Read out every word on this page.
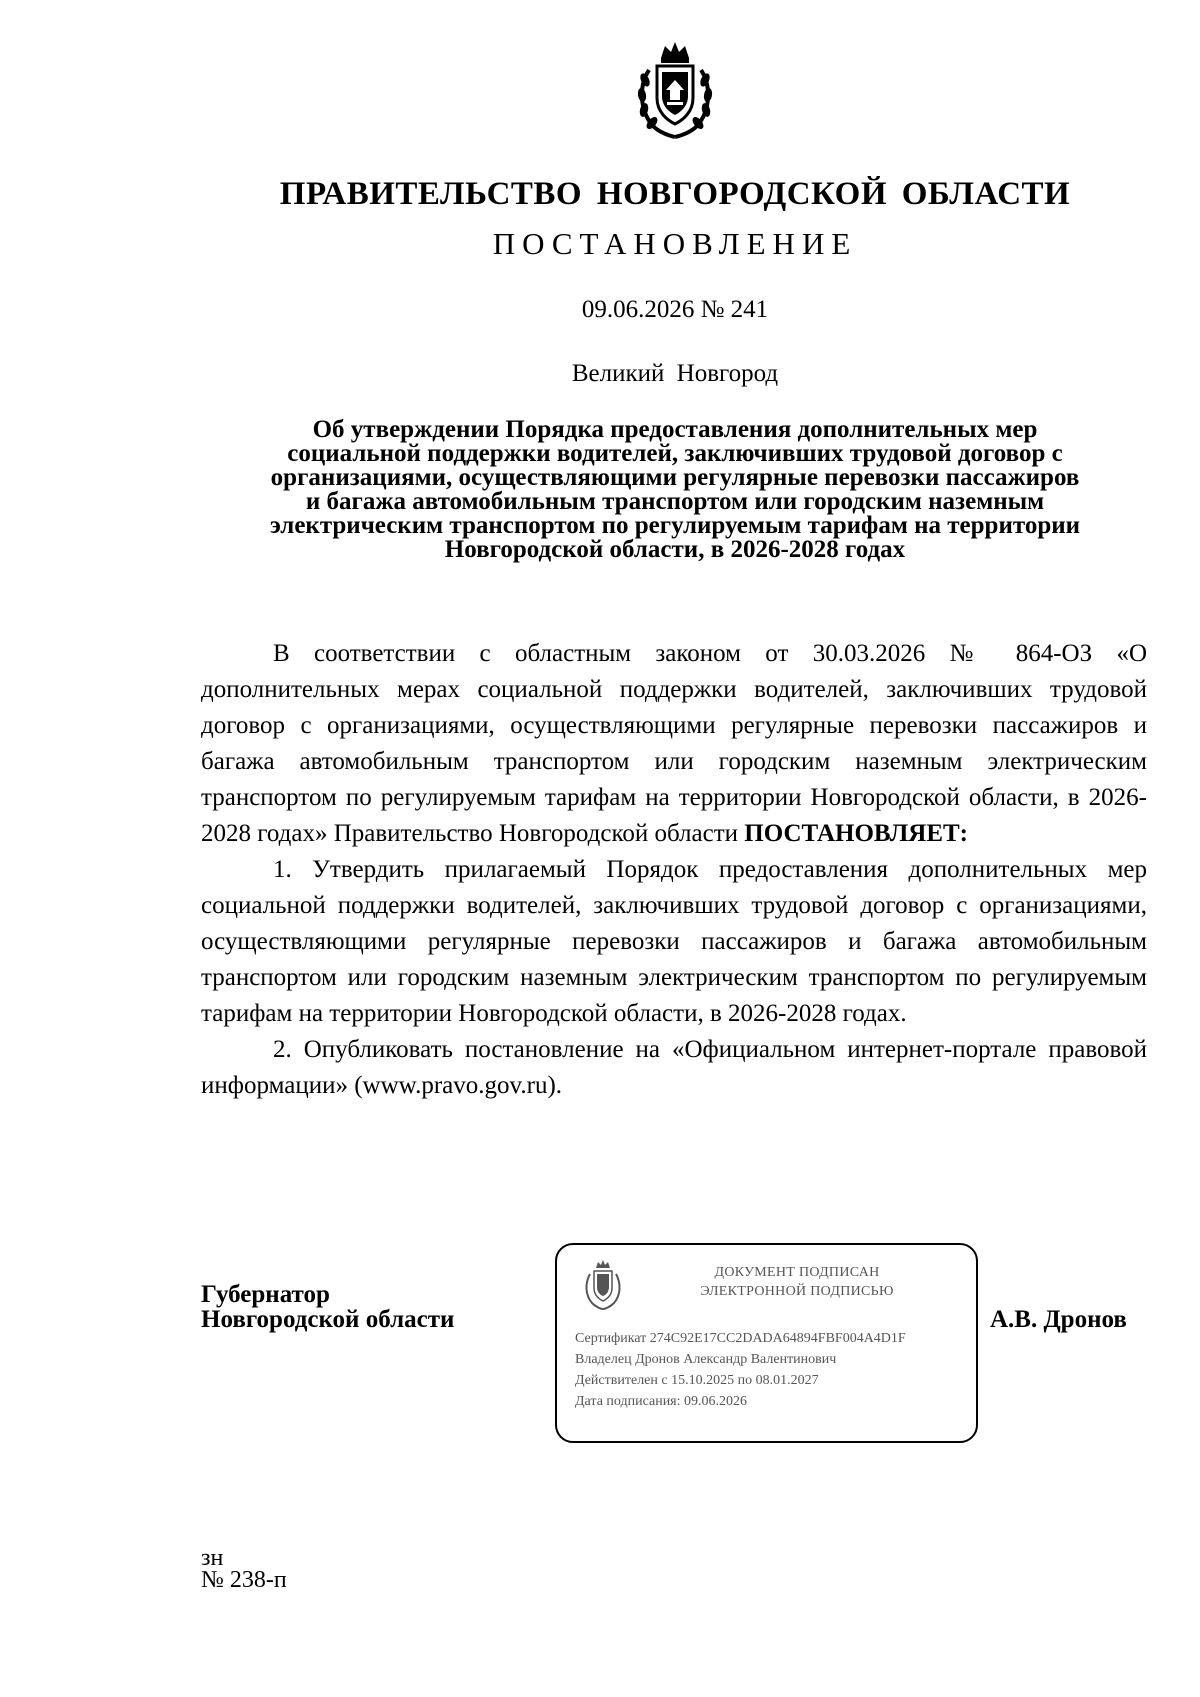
ПРАВИТЕЛЬСТВО НОВГОРОДСКОЙ ОБЛАСТИ
ПОСТАНОВЛЕНИЕ
09.06.2026 № 241
Великий Новгород
Об утверждении Порядка предоставления дополнительных мер
социальной поддержки водителей, заключивших трудовой договор с
организациями, осуществляющими регулярные перевозки пассажиров
и багажа автомобильным транспортом или городским наземным
электрическим транспортом по регулируемым тарифам на территории
Новгородской области, в 2026-2028 годах

В соответствии с областным законом от 30.03.2026 № 864-ОЗ «О дополнительных мерах социальной поддержки водителей, заключивших трудовой договор с организациями, осуществляющими регулярные перевозки пассажиров и багажа автомобильным транспортом или городским наземным электрическим транспортом по регулируемым тарифам на территории Новгородской области, в 2026-2028 годах» Правительство Новгородской области ПОСТАНОВЛЯЕТ:

1. Утвердить прилагаемый Порядок предоставления дополнительных мер социальной поддержки водителей, заключивших трудовой договор с организациями, осуществляющими регулярные перевозки пассажиров и багажа автомобильным транспортом или городским наземным электрическим транспортом по регулируемым тарифам на территории Новгородской области, в 2026-2028 годах.

2. Опубликовать постановление на «Официальном интернет-портале правовой информации» (www.pravo.gov.ru).

Губернатор
Новгородской области
ДОКУМЕНТ ПОДПИСАН
ЭЛЕКТРОННОЙ ПОДПИСЬЮ
Сертификат 274C92E17CC2DADA64894FBF004A4D1F
Владелец Дронов Александр Валентинович
Действителен с 15.10.2025 по 08.01.2027
Дата подписания: 09.06.2026
А.В. Дронов
зн
№ 238-п
